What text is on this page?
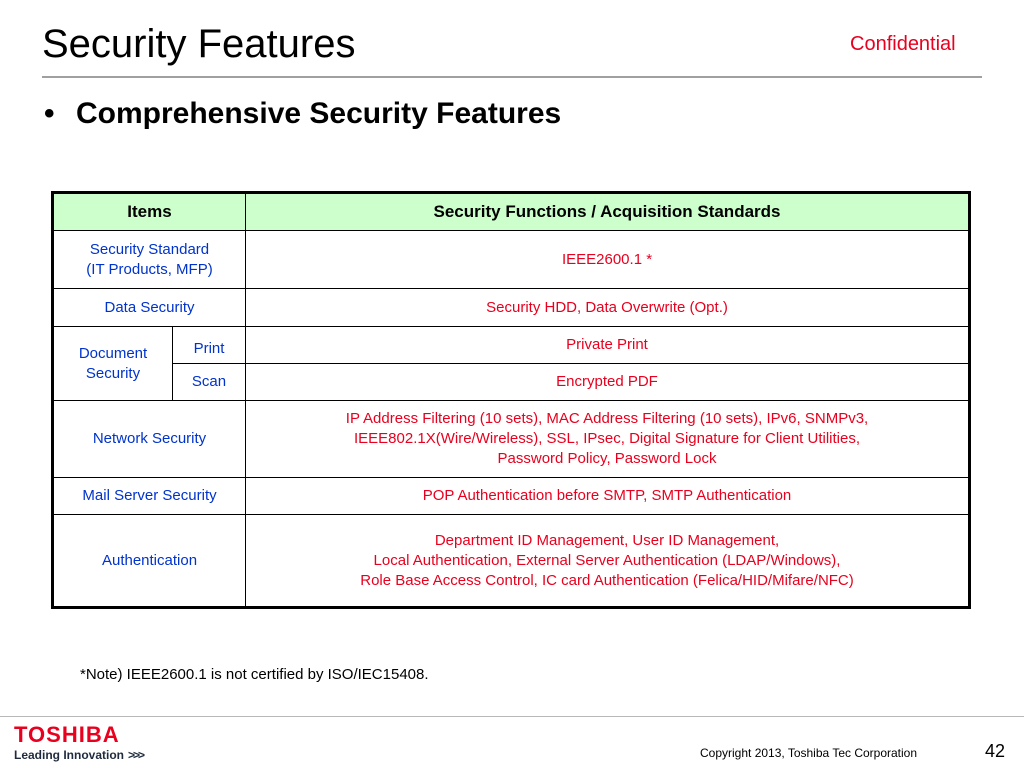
Security Features	Confidential
• Comprehensive Security Features
Items		Security Functions / Acquisition Standards

Security Standard
(IT Products, MFP)		IEEE2600.1 *

Data Security		Security HDD, Data Overwrite (Opt.)

Document
Security	Print	Private Print

	Scan	Encrypted PDF

Network Security		IP Address Filtering (10 sets), MAC Address Filtering (10 sets), IPv6, SNMPv3,
IEEE802.1X(Wire/Wireless), SSL, IPsec, Digital Signature for Client Utilities,
Password Policy, Password Lock

Mail Server Security		POP Authentication before SMTP, SMTP Authentication

Authentication		Department ID Management, User ID Management,
Local Authentication, External Server Authentication (LDAP/Windows),
Role Base Access Control, IC card Authentication (Felica/HID/Mifare/NFC)
*Note) IEEE2600.1 is not certified by ISO/IEC15408.
TOSHIBA
Leading Innovation >>>	Copyright 2013, Toshiba Tec Corporation	42
